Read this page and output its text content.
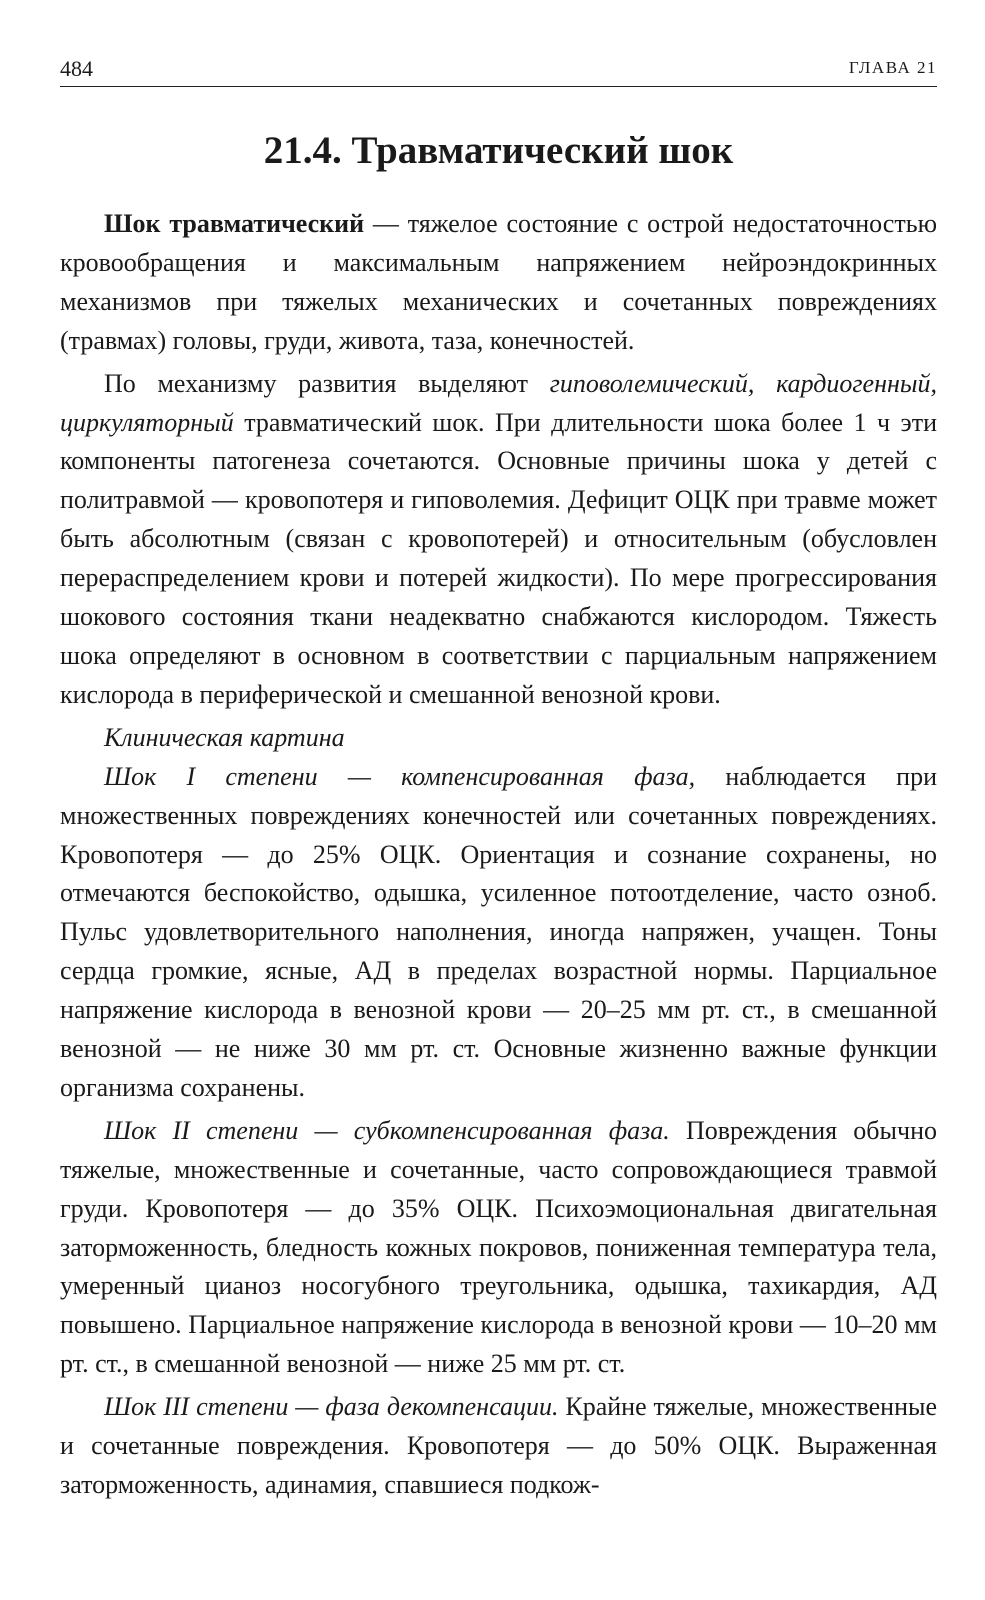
484	ГЛАВА 21
21.4. Травматический шок

Шок травматический — тяжелое состояние с острой недостаточностью кровообращения и максимальным напряжением нейроэндокринных механизмов при тяжелых механических и сочетанных повреждениях (травмах) головы, груди, живота, таза, конечностей.

По механизму развития выделяют гиповолемический, кардиогенный, циркуляторный травматический шок. При длительности шока более 1 ч эти компоненты патогенеза сочетаются. Основные причины шока у детей с политравмой — кровопотеря и гиповолемия. Дефицит ОЦК при травме может быть абсолютным (связан с кровопотерей) и относительным (обусловлен перераспределением крови и потерей жидкости). По мере прогрессирования шокового состояния ткани неадекватно снабжаются кислородом. Тяжесть шока определяют в основном в соответствии с парциальным напряжением кислорода в периферической и смешанной венозной крови.

Клиническая картина

Шок I степени — компенсированная фаза, наблюдается при множественных повреждениях конечностей или сочетанных повреждениях. Кровопотеря — до 25% ОЦК. Ориентация и сознание сохранены, но отмечаются беспокойство, одышка, усиленное потоотделение, часто озноб. Пульс удовлетворительного наполнения, иногда напряжен, учащен. Тоны сердца громкие, ясные, АД в пределах возрастной нормы. Парциальное напряжение кислорода в венозной крови — 20–25 мм рт. ст., в смешанной венозной — не ниже 30 мм рт. ст. Основные жизненно важные функции организма сохранены.

Шок II степени — субкомпенсированная фаза. Повреждения обычно тяжелые, множественные и сочетанные, часто сопровождающиеся травмой груди. Кровопотеря — до 35% ОЦК. Психоэмоциональная двигательная заторможенность, бледность кожных покровов, пониженная температура тела, умеренный цианоз носогубного треугольника, одышка, тахикардия, АД повышено. Парциальное напряжение кислорода в венозной крови — 10–20 мм рт. ст., в смешанной венозной — ниже 25 мм рт. ст.

Шок III степени — фаза декомпенсации. Крайне тяжелые, множественные и сочетанные повреждения. Кровопотеря — до 50% ОЦК. Выраженная заторможенность, адинамия, спавшиеся подкож-
